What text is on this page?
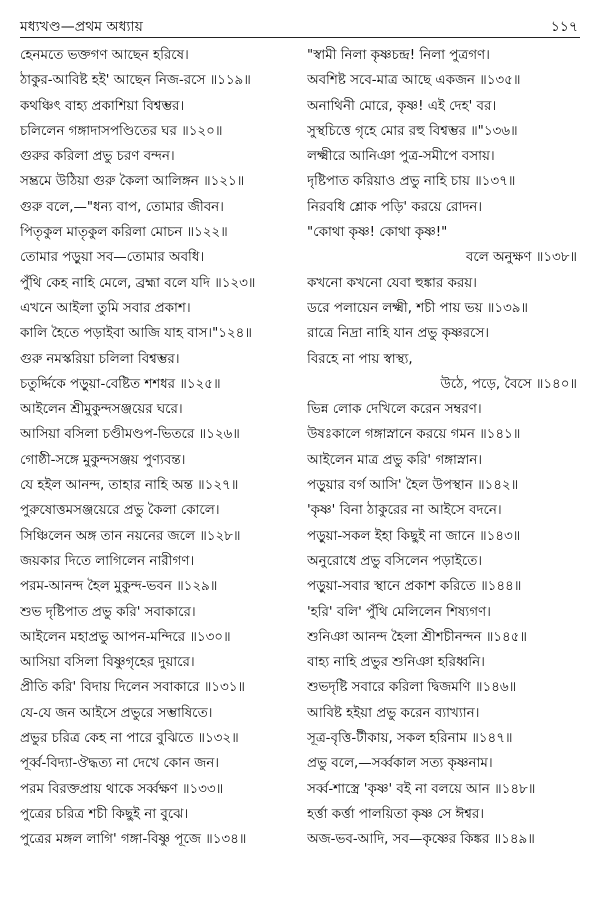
মধ্যখণ্ড—প্রথম অধ্যায়	১১৭
হেনমতে ভক্তগণ আছেন হরিষে।
ঠাকুর-আবিষ্ট হই' আছেন নিজ-রসে ॥১১৯॥
কথঞ্চিৎ বাহ্য প্রকাশিয়া বিশ্বম্ভর।
চলিলেন গঙ্গাদাসপণ্ডিতের ঘর ॥১২০॥
গুরুর করিলা প্রভু চরণ বন্দন।
সম্ভ্রমে উঠিয়া গুরু কৈলা আলিঙ্গন ॥১২১॥
গুরু বলে,—"ধন্য বাপ, তোমার জীবন।
পিতৃকুল মাতৃকুল করিলা মোচন ॥১২২॥
তোমার পড়ুয়া সব—তোমার অবধি।
পুঁথি কেহ নাহি মেলে, ব্রহ্মা বলে যদি ॥১২৩॥
এখনে আইলা তুমি সবার প্রকাশ।
কালি হৈতে পড়াইবা আজি যাহ বাস।"১২৪॥
গুরু নমস্করিয়া চলিলা বিশ্বম্ভর।
চতুর্দ্দিকে পড়ুয়া-বেষ্টিত শশধর ॥১২৫॥
আইলেন শ্রীমুকুন্দসঞ্জয়ের ঘরে।
আসিয়া বসিলা চণ্ডীমণ্ডপ-ভিতরে ॥১২৬॥
গোষ্ঠী-সঙ্গে মুকুন্দসঞ্জয় পুণ্যবন্ত।
যে হইল আনন্দ, তাহার নাহি অন্ত ॥১২৭॥
পুরুষোত্তমসঞ্জয়েরে প্রভু কৈলা কোলে।
সিঞ্চিলেন অঙ্গ তান নয়নের জলে ॥১২৮॥
জয়কার দিতে লাগিলেন নারীগণ।
পরম-আনন্দ হৈল মুকুন্দ-ভবন ॥১২৯॥
শুভ দৃষ্টিপাত প্রভু করি' সবাকারে।
আইলেন মহাপ্রভু আপন-মন্দিরে ॥১৩০॥
আসিয়া বসিলা বিষ্ণুগৃহের দুয়ারে।
প্রীতি করি' বিদায় দিলেন সবাকারে ॥১৩১॥
যে-যে জন আইসে প্রভুরে সম্ভাষিতে।
প্রভুর চরিত্র কেহ না পারে বুঝিতে ॥১৩২॥
পূর্ব্ব-বিদ্যা-ঔদ্ধত্য না দেখে কোন জন।
পরম বিরক্তপ্রায় থাকে সর্ব্বক্ষণ ॥১৩৩॥
পুত্রের চরিত্র শচী কিছুই না বুঝে।
পুত্রের মঙ্গল লাগি' গঙ্গা-বিষ্ণু পূজে ॥১৩৪॥
"স্বামী নিলা কৃষ্ণচন্দ্র! নিলা পুত্রগণ।
অবশিষ্ট সবে-মাত্র আছে একজন ॥১৩৫॥
অনাথিনী মোরে, কৃষ্ণ! এই দেহ' বর।
সুস্থচিত্তে গৃহে মোর রহু বিশ্বম্ভর ॥"১৩৬॥
লক্ষ্মীরে আনিঞা পুত্র-সমীপে বসায়।
দৃষ্টিপাত করিয়াও প্রভু নাহি চায় ॥১৩৭॥
নিরবধি শ্লোক পড়ি' করয়ে রোদন।
"কোথা কৃষ্ণ! কোথা কৃষ্ণ!"
বলে অনুক্ষণ ॥১৩৮॥
কখনো কখনো যেবা হুঙ্কার করয়।
ডরে পলায়েন লক্ষ্মী, শচী পায় ভয় ॥১৩৯॥
রাত্রে নিদ্রা নাহি যান প্রভু কৃষ্ণরসে।
বিরহে না পায় স্বাস্থ্য,
উঠে, পড়ে, বৈসে ॥১৪০॥
ভিন্ন লোক দেখিলে করেন সম্বরণ।
উষঃকালে গঙ্গাস্নানে করয়ে গমন ॥১৪১॥
আইলেন মাত্র প্রভু করি' গঙ্গাস্নান।
পড়ুয়ার বর্গ আসি' হৈল উপস্থান ॥১৪২॥
'কৃষ্ণ' বিনা ঠাকুরের না আইসে বদনে।
পড়ুয়া-সকল ইহা কিছুই না জানে ॥১৪৩॥
অনুরোধে প্রভু বসিলেন পড়াইতে।
পড়ুয়া-সবার স্থানে প্রকাশ করিতে ॥১৪৪॥
'হরি' বলি' পুঁথি মেলিলেন শিষ্যগণ।
শুনিঞা আনন্দ হৈলা শ্রীশচীনন্দন ॥১৪৫॥
বাহ্য নাহি প্রভুর শুনিঞা হরিধ্বনি।
শুভদৃষ্টি সবারে করিলা দ্বিজমণি ॥১৪৬॥
আবিষ্ট হইয়া প্রভু করেন ব্যাখ্যান।
সূত্র-বৃত্তি-টীকায়, সকল হরিনাম ॥১৪৭॥
প্রভু বলে,—সর্ব্বকাল সত্য কৃষ্ণনাম।
সর্ব্ব-শাস্ত্রে 'কৃষ্ণ' বই না বলয়ে আন ॥১৪৮॥
হর্ত্তা কর্ত্তা পালয়িতা কৃষ্ণ সে ঈশ্বর।
অজ-ভব-আদি, সব—কৃষ্ণের কিঙ্কর ॥১৪৯॥
